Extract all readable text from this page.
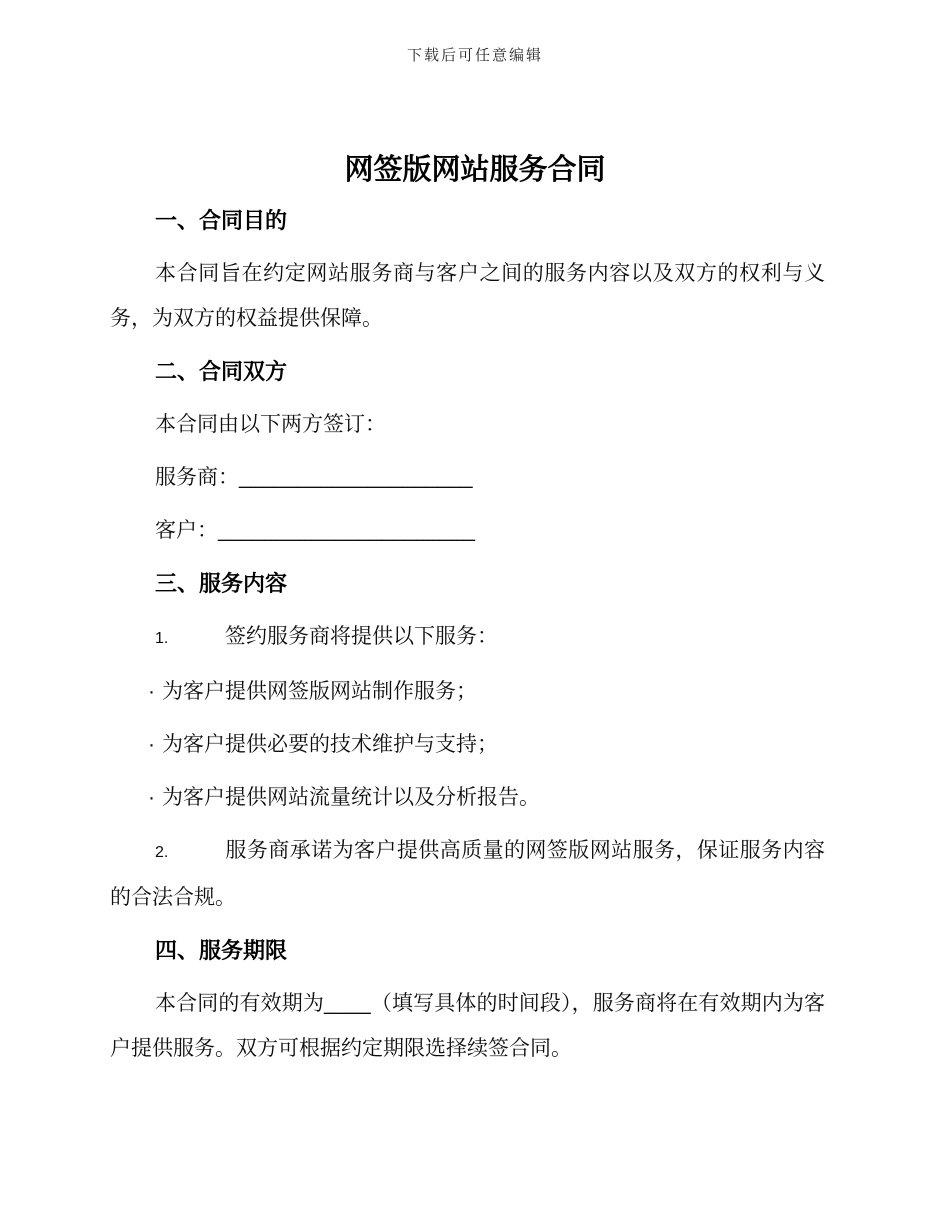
下载后可任意编辑
网签版网站服务合同
一、合同目的

本合同旨在约定网站服务商与客户之间的服务内容以及双方的权利与义务，为双方的权益提供保障。

二、合同双方

本合同由以下两方签订：

服务商：____________________

客户：______________________

三、服务内容

1.	签约服务商将提供以下服务：

· 为客户提供网签版网站制作服务；

· 为客户提供必要的技术维护与支持；

· 为客户提供网站流量统计以及分析报告。

2.	服务商承诺为客户提供高质量的网签版网站服务，保证服务内容的合法合规。

四、服务期限

本合同的有效期为____（填写具体的时间段），服务商将在有效期内为客户提供服务。双方可根据约定期限选择续签合同。
